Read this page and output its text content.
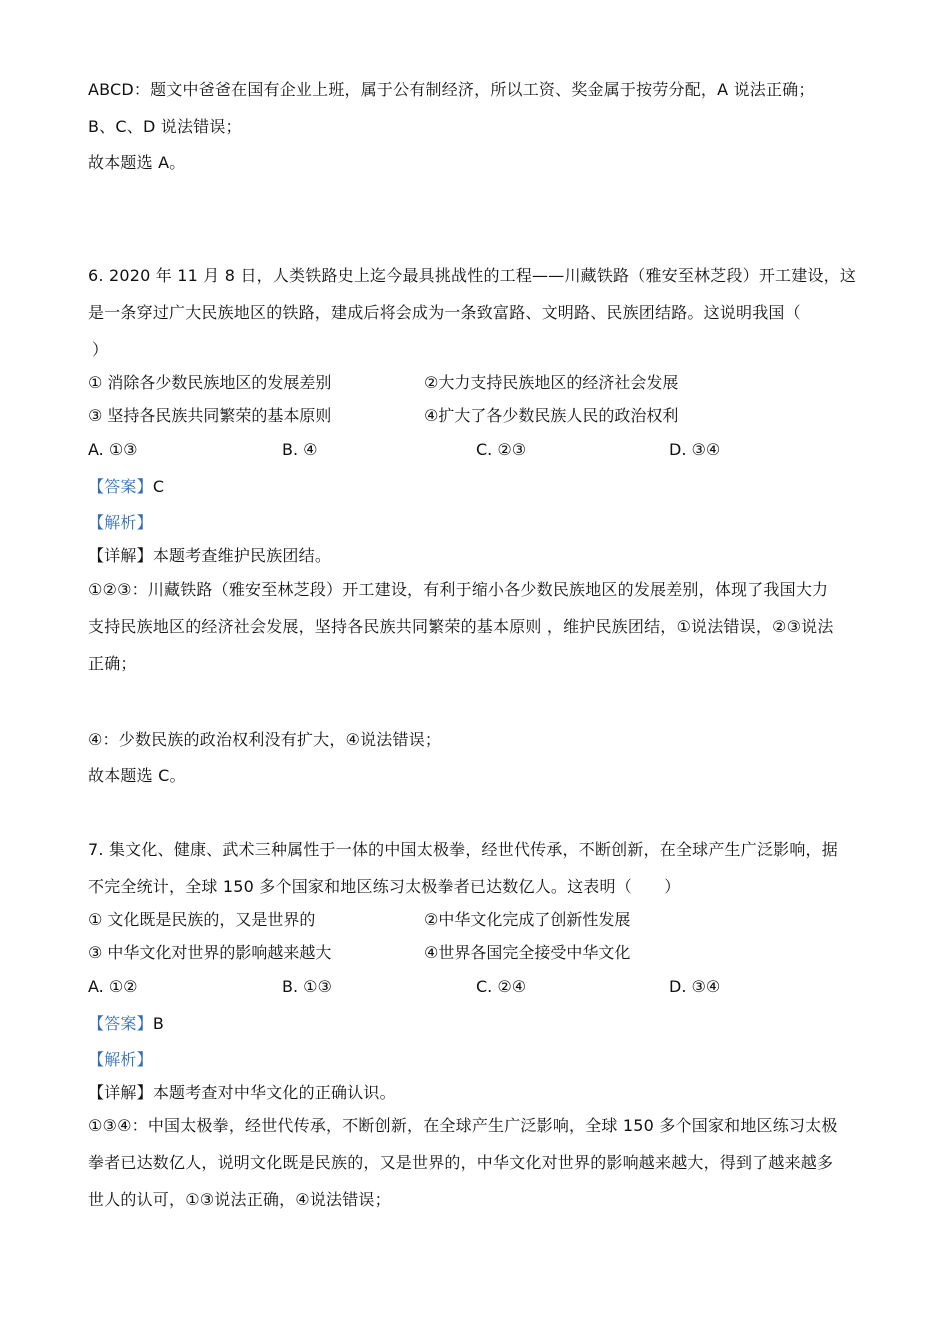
ABCD：题文中爸爸在国有企业上班，属于公有制经济，所以工资、奖金属于按劳分配，A 说法正确；
B、C、D 说法错误；
故本题选 A。
6. 2020 年 11 月 8 日，人类铁路史上迄今最具挑战性的工程——川藏铁路（雅安至林芝段）开工建设，这
是一条穿过广大民族地区的铁路，建成后将会成为一条致富路、文明路、民族团结路。这说明我国（
）
① 消除各少数民族地区的发展差别	②大力支持民族地区的经济社会发展
③ 坚持各民族共同繁荣的基本原则	④扩大了各少数民族人民的政治权利
A. ①③	B. ④	C. ②③	D. ③④
【答案】C
【解析】
【详解】本题考查维护民族团结。
①②③：川藏铁路（雅安至林芝段）开工建设，有利于缩小各少数民族地区的发展差别，体现了我国大力
支持民族地区的经济社会发展，坚持各民族共同繁荣的基本原则 ，维护民族团结，①说法错误，②③说法
正确；
④：少数民族的政治权利没有扩大，④说法错误；
故本题选 C。
7. 集文化、健康、武术三种属性于一体的中国太极拳，经世代传承，不断创新，在全球产生广泛影响，据
不完全统计，全球 150 多个国家和地区练习太极拳者已达数亿人。这表明（　　）
① 文化既是民族的，又是世界的	②中华文化完成了创新性发展
③ 中华文化对世界的影响越来越大	④世界各国完全接受中华文化
A. ①②	B. ①③	C. ②④	D. ③④
【答案】B
【解析】
【详解】本题考查对中华文化的正确认识。
①③④：中国太极拳，经世代传承，不断创新，在全球产生广泛影响，全球 150 多个国家和地区练习太极
拳者已达数亿人，说明文化既是民族的，又是世界的，中华文化对世界的影响越来越大，得到了越来越多
世人的认可，①③说法正确，④说法错误；
